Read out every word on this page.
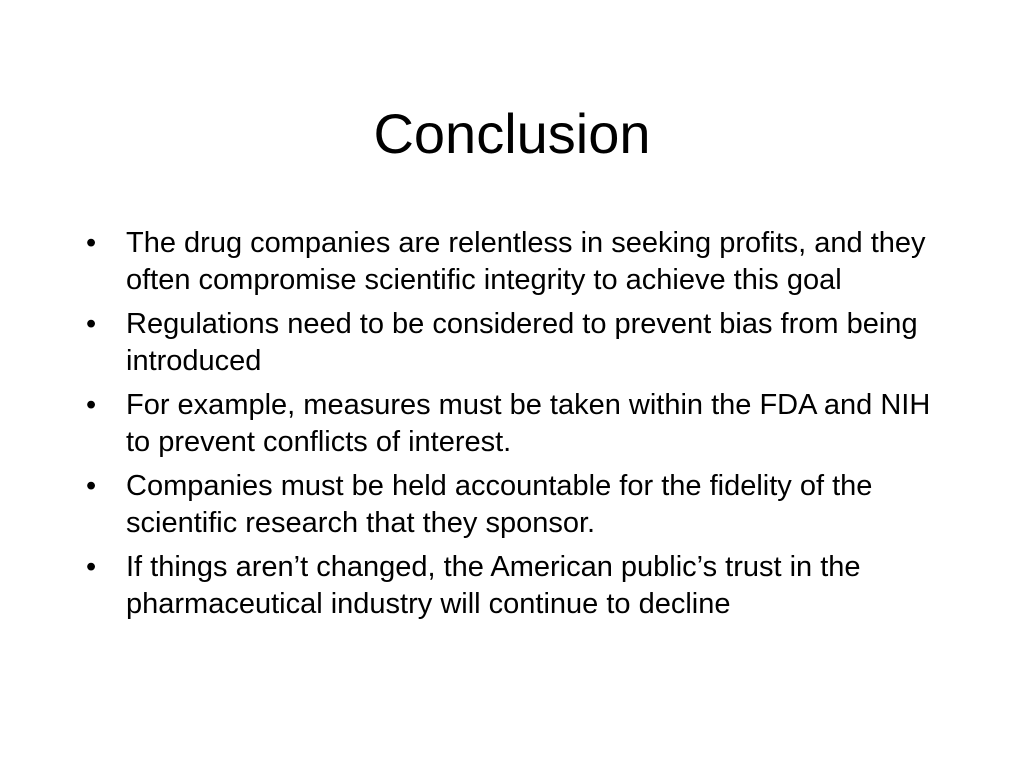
Conclusion
•	The drug companies are relentless in seeking profits, and they often compromise scientific integrity to achieve this goal
•	Regulations need to be considered to prevent bias from being introduced
•	For example, measures must be taken within the FDA and NIH to prevent conflicts of interest.
•	Companies must be held accountable for the fidelity of the scientific research that they sponsor.
•	If things aren’t changed, the American public’s trust in the pharmaceutical industry will continue to decline
